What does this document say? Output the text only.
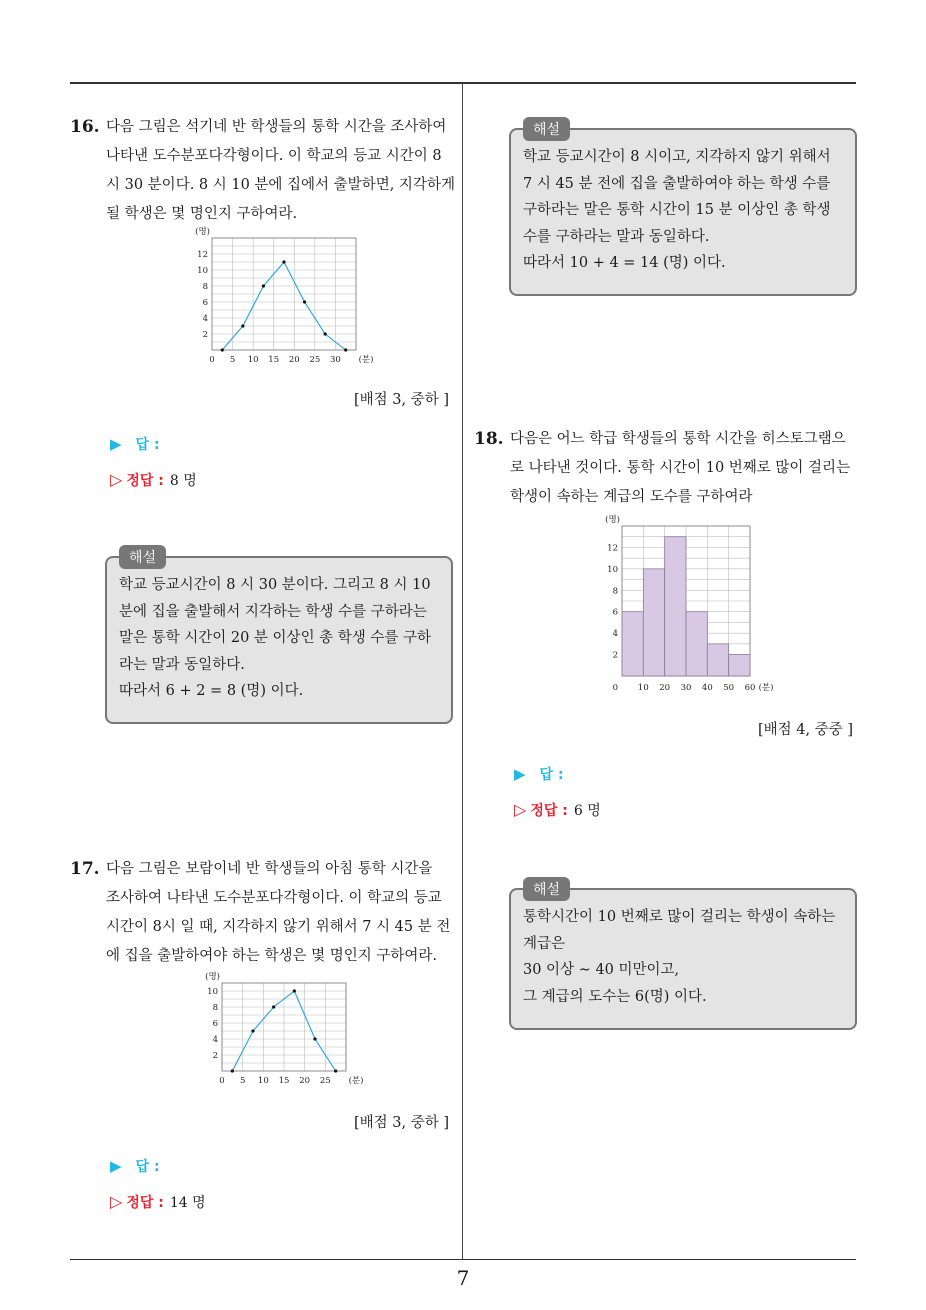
7
16. 다음 그림은 석기네 반 학생들의 통학 시간을 조사하여
나타낸 도수분포다각형이다. 이 학교의 등교 시간이 8
시 30 분이다. 8 시 10 분에 집에서 출발하면, 지각하게
될 학생은 몇 명인지 구하여라.
0 5 10 15 20 25 30 (분)
2
4
6
8
10
12
(명)
[배점 3, 중하 ]
▶ 답 :
▷ 정답 : 8 명
학교 등교시간이 8 시 30 분이다. 그리고 8 시 10
분에 집을 출발해서 지각하는 학생 수를 구하라는
말은 통학 시간이 20 분 이상인 총 학생 수를 구하
라는 말과 동일하다.
따라서 6 + 2 = 8 (명) 이다.
해설
17. 다음 그림은 보람이네 반 학생들의 아침 통학 시간을
조사하여 나타낸 도수분포다각형이다. 이 학교의 등교
시간이 8시 일 때, 지각하지 않기 위해서 7 시 45 분 전
에 집을 출발하여야 하는 학생은 몇 명인지 구하여라.
0 5 10 15 20 25 (분)
2
4
6
8
10
(명)
[배점 3, 중하 ]
▶ 답 :
▷ 정답 : 14 명
학교 등교시간이 8 시이고, 지각하지 않기 위해서
7 시 45 분 전에 집을 출발하여야 하는 학생 수를
구하라는 말은 통학 시간이 15 분 이상인 총 학생
수를 구하라는 말과 동일하다.
따라서 10 + 4 = 14 (명) 이다.
해설
18. 다음은 어느 학급 학생들의 통학 시간을 히스토그램으
로 나타낸 것이다. 통학 시간이 10 번째로 많이 걸리는
학생이 속하는 계급의 도수를 구하여라
0 10 20 30 40 50 60 (분)
2
4
6
8
10
12
(명)
[배점 4, 중중 ]
▶ 답 :
▷ 정답 : 6 명
통학시간이 10 번째로 많이 걸리는 학생이 속하는
계급은
30 이상 ∼ 40 미만이고,
그 계급의 도수는 6(명) 이다.
해설
